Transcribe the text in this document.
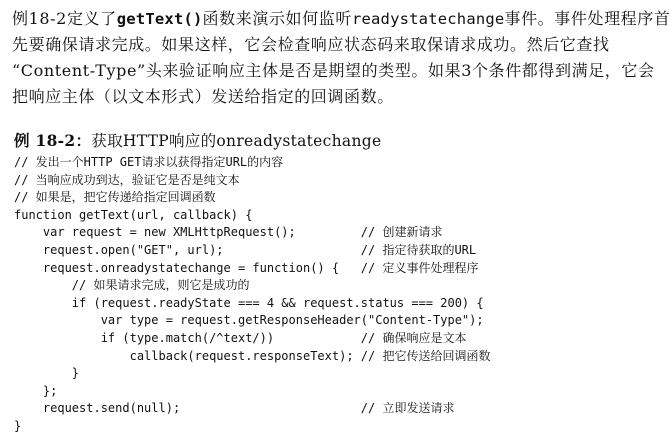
例18-2定义了getText()函数来演示如何监听readystatechange事件。事件处理程序首
先要确保请求完成。如果这样，它会检查响应状态码来取保请求成功。然后它查找
“Content-Type”头来验证响应主体是否是期望的类型。如果3个条件都得到满足，它会
把响应主体（以文本形式）发送给指定的回调函数。
例 18-2：获取HTTP响应的onreadystatechange
// 发出一个HTTP GET请求以获得指定URL的内容
// 当响应成功到达，验证它是否是纯文本
// 如果是，把它传递给指定回调函数
function getText(url, callback) {
var request = new XMLHttpRequest();         // 创建新请求
request.open("GET", url);                   // 指定待获取的URL
request.onreadystatechange = function() {   // 定义事件处理程序
// 如果请求完成，则它是成功的
if (request.readyState === 4 && request.status === 200) {
var type = request.getResponseHeader("Content-Type");
if (type.match(/^text/))            // 确保响应是文本
callback(request.responseText); // 把它传送给回调函数
}
};
request.send(null);                         // 立即发送请求
}
